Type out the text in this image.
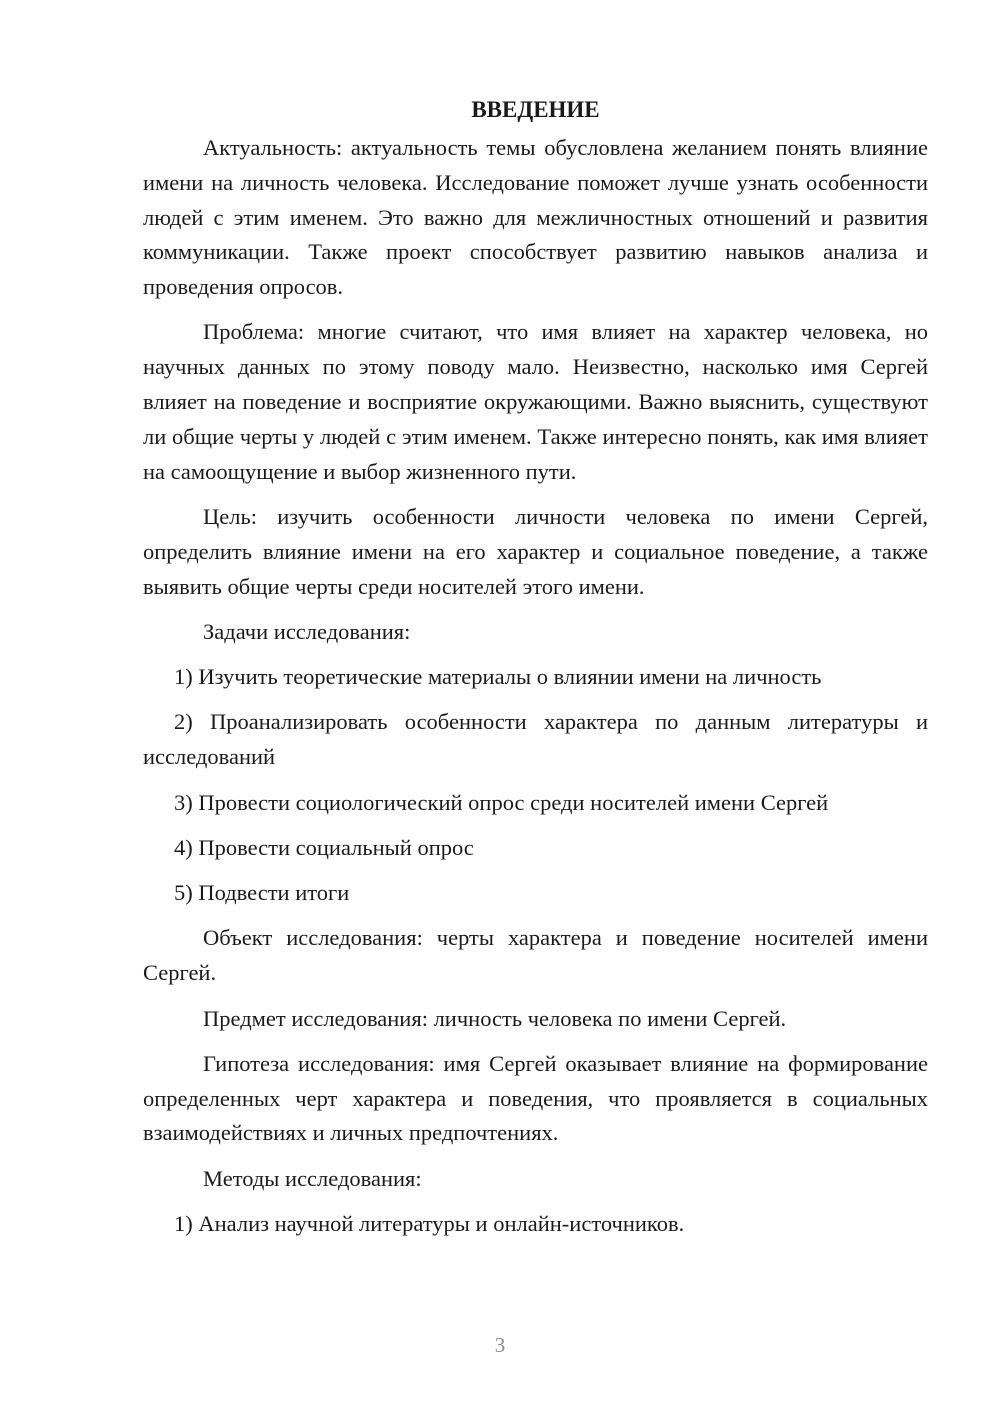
ВВЕДЕНИЕ

Актуальность: актуальность темы обусловлена желанием понять влияние имени на личность человека. Исследование поможет лучше узнать особенности людей с этим именем. Это важно для межличностных отношений и развития коммуникации. Также проект способствует развитию навыков анализа и проведения опросов.

Проблема: многие считают, что имя влияет на характер человека, но научных данных по этому поводу мало. Неизвестно, насколько имя Сергей влияет на поведение и восприятие окружающими. Важно выяснить, существуют ли общие черты у людей с этим именем. Также интересно понять, как имя влияет на самоощущение и выбор жизненного пути.

Цель: изучить особенности личности человека по имени Сергей, определить влияние имени на его характер и социальное поведение, а также выявить общие черты среди носителей этого имени.

Задачи исследования:

1) Изучить теоретические материалы о влиянии имени на личность

2) Проанализировать особенности характера по данным литературы и исследований

3) Провести социологический опрос среди носителей имени Сергей

4) Провести социальный опрос

5) Подвести итоги

Объект исследования: черты характера и поведение носителей имени Сергей.

Предмет исследования: личность человека по имени Сергей.

Гипотеза исследования: имя Сергей оказывает влияние на формирование определенных черт характера и поведения, что проявляется в социальных взаимодействиях и личных предпочтениях.

Методы исследования:

1) Анализ научной литературы и онлайн-источников.

3
